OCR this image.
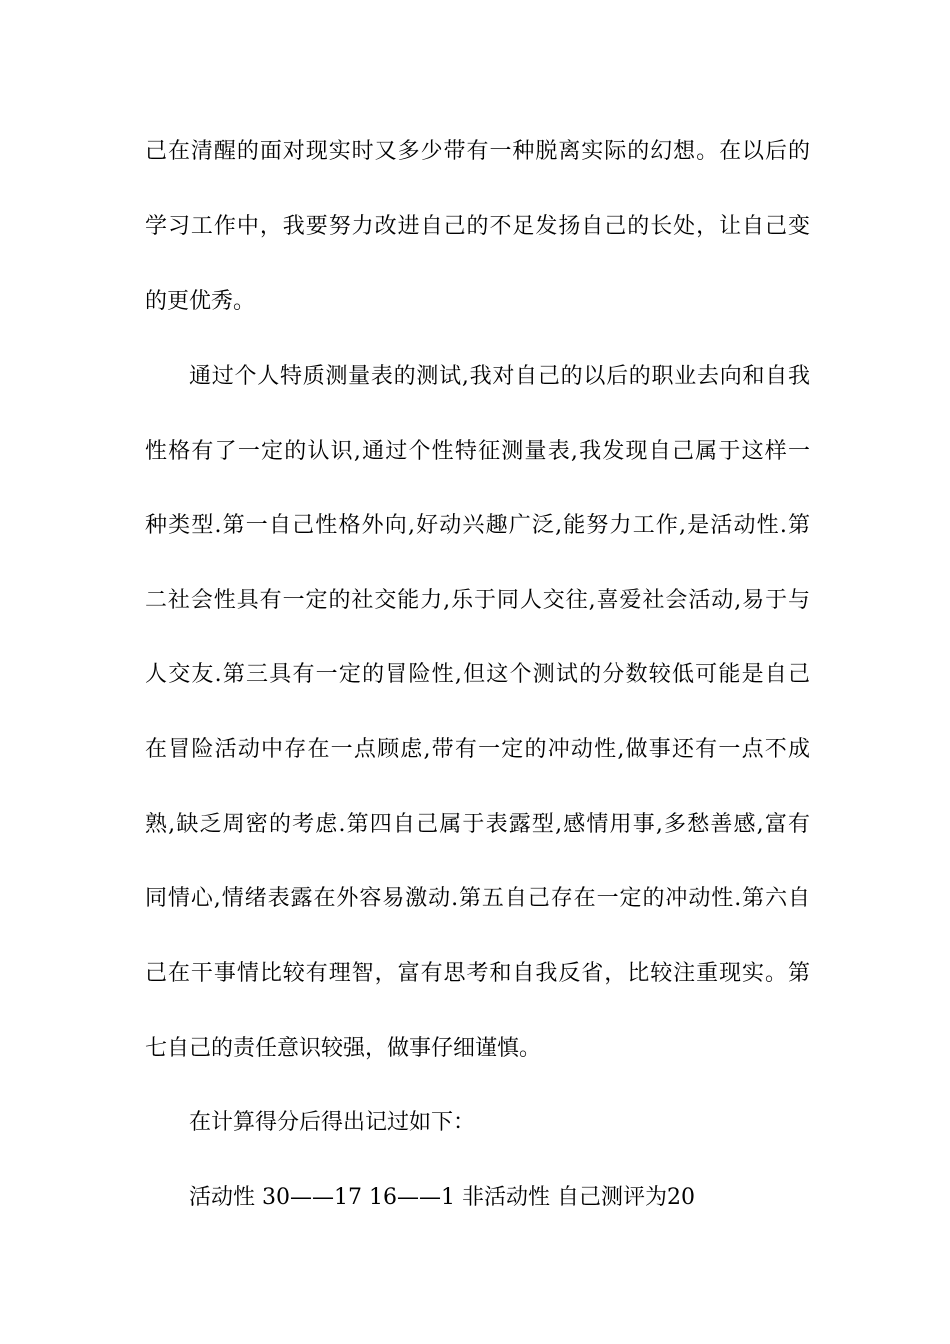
己在清醒的面对现实时又多少带有一种脱离实际的幻想。在以后的
学习工作中，我要努力改进自己的不足发扬自己的长处，让自己变
的更优秀。
通过个人特质测量表的测试,我对自己的以后的职业去向和自我
性格有了一定的认识,通过个性特征测量表,我发现自己属于这样一
种类型.第一自己性格外向,好动兴趣广泛,能努力工作,是活动性.第
二社会性具有一定的社交能力,乐于同人交往,喜爱社会活动,易于与
人交友.第三具有一定的冒险性,但这个测试的分数较低可能是自己
在冒险活动中存在一点顾虑,带有一定的冲动性,做事还有一点不成
熟,缺乏周密的考虑.第四自己属于表露型,感情用事,多愁善感,富有
同情心,情绪表露在外容易激动.第五自己存在一定的冲动性.第六自
己在干事情比较有理智，富有思考和自我反省，比较注重现实。第
七自己的责任意识较强，做事仔细谨慎。
在计算得分后得出记过如下：
活动性 30——17 16——1 非活动性 自己测评为20
